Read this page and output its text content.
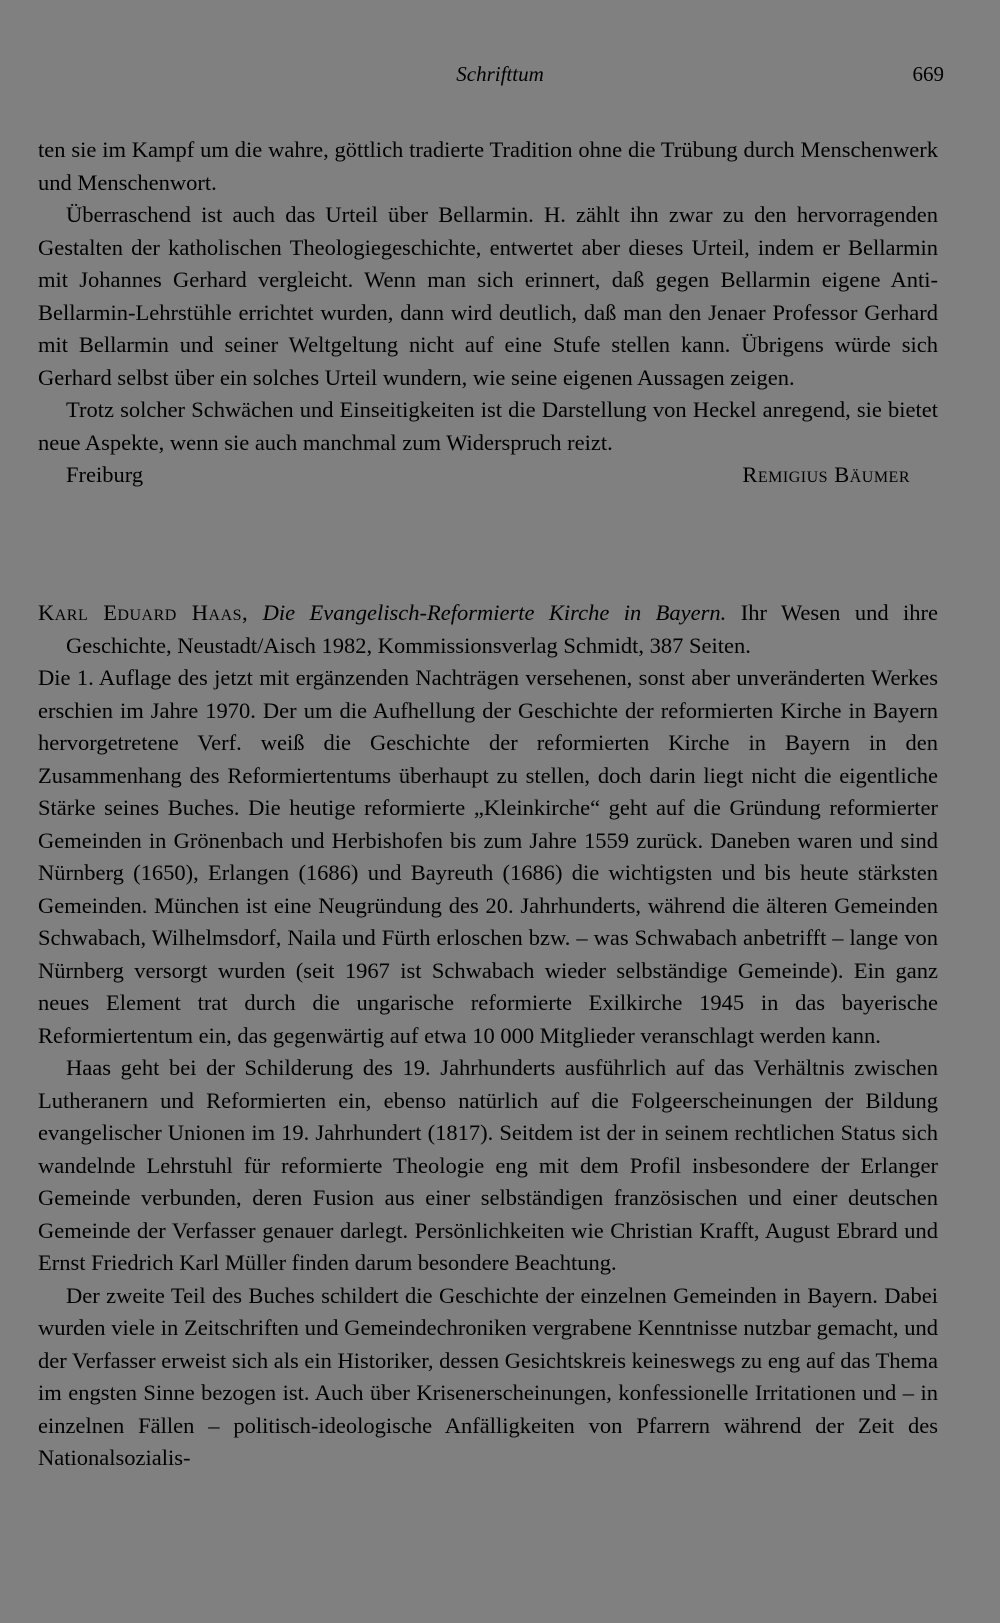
Schrifttum	669

ten sie im Kampf um die wahre, göttlich tradierte Tradition ohne die Trübung durch Menschenwerk und Menschenwort.

Überraschend ist auch das Urteil über Bellarmin. H. zählt ihn zwar zu den hervorragenden Gestalten der katholischen Theologiegeschichte, entwertet aber dieses Urteil, indem er Bellarmin mit Johannes Gerhard vergleicht. Wenn man sich erinnert, daß gegen Bellarmin eigene Anti-Bellarmin-Lehrstühle errichtet wurden, dann wird deutlich, daß man den Jenaer Professor Gerhard mit Bellarmin und seiner Weltgeltung nicht auf eine Stufe stellen kann. Übrigens würde sich Gerhard selbst über ein solches Urteil wundern, wie seine eigenen Aussagen zeigen.

Trotz solcher Schwächen und Einseitigkeiten ist die Darstellung von Heckel anregend, sie bietet neue Aspekte, wenn sie auch manchmal zum Widerspruch reizt.

Freiburg	Remigius Bäumer

Karl Eduard Haas, Die Evangelisch-Reformierte Kirche in Bayern. Ihr Wesen und ihre Geschichte, Neustadt/Aisch 1982, Kommissionsverlag Schmidt, 387 Seiten.

Die 1. Auflage des jetzt mit ergänzenden Nachträgen versehenen, sonst aber unveränderten Werkes erschien im Jahre 1970. Der um die Aufhellung der Geschichte der reformierten Kirche in Bayern hervorgetretene Verf. weiß die Geschichte der reformierten Kirche in Bayern in den Zusammenhang des Reformiertentums überhaupt zu stellen, doch darin liegt nicht die eigentliche Stärke seines Buches. Die heutige reformierte „Kleinkirche“ geht auf die Gründung reformierter Gemeinden in Grönenbach und Herbishofen bis zum Jahre 1559 zurück. Daneben waren und sind Nürnberg (1650), Erlangen (1686) und Bayreuth (1686) die wichtigsten und bis heute stärksten Gemeinden. München ist eine Neugründung des 20. Jahrhunderts, während die älteren Gemeinden Schwabach, Wilhelmsdorf, Naila und Fürth erloschen bzw. – was Schwabach anbetrifft – lange von Nürnberg versorgt wurden (seit 1967 ist Schwabach wieder selbständige Gemeinde). Ein ganz neues Element trat durch die ungarische reformierte Exilkirche 1945 in das bayerische Reformiertentum ein, das gegenwärtig auf etwa 10 000 Mitglieder veranschlagt werden kann.

Haas geht bei der Schilderung des 19. Jahrhunderts ausführlich auf das Verhältnis zwischen Lutheranern und Reformierten ein, ebenso natürlich auf die Folgeerscheinungen der Bildung evangelischer Unionen im 19. Jahrhundert (1817). Seitdem ist der in seinem rechtlichen Status sich wandelnde Lehrstuhl für reformierte Theologie eng mit dem Profil insbesondere der Erlanger Gemeinde verbunden, deren Fusion aus einer selbständigen französischen und einer deutschen Gemeinde der Verfasser genauer darlegt. Persönlichkeiten wie Christian Krafft, August Ebrard und Ernst Friedrich Karl Müller finden darum besondere Beachtung.

Der zweite Teil des Buches schildert die Geschichte der einzelnen Gemeinden in Bayern. Dabei wurden viele in Zeitschriften und Gemeindechroniken vergrabene Kenntnisse nutzbar gemacht, und der Verfasser erweist sich als ein Historiker, dessen Gesichtskreis keineswegs zu eng auf das Thema im engsten Sinne bezogen ist. Auch über Krisenerscheinungen, konfessionelle Irritationen und – in einzelnen Fällen – politisch-ideologische Anfälligkeiten von Pfarrern während der Zeit des Nationalsozialis-
